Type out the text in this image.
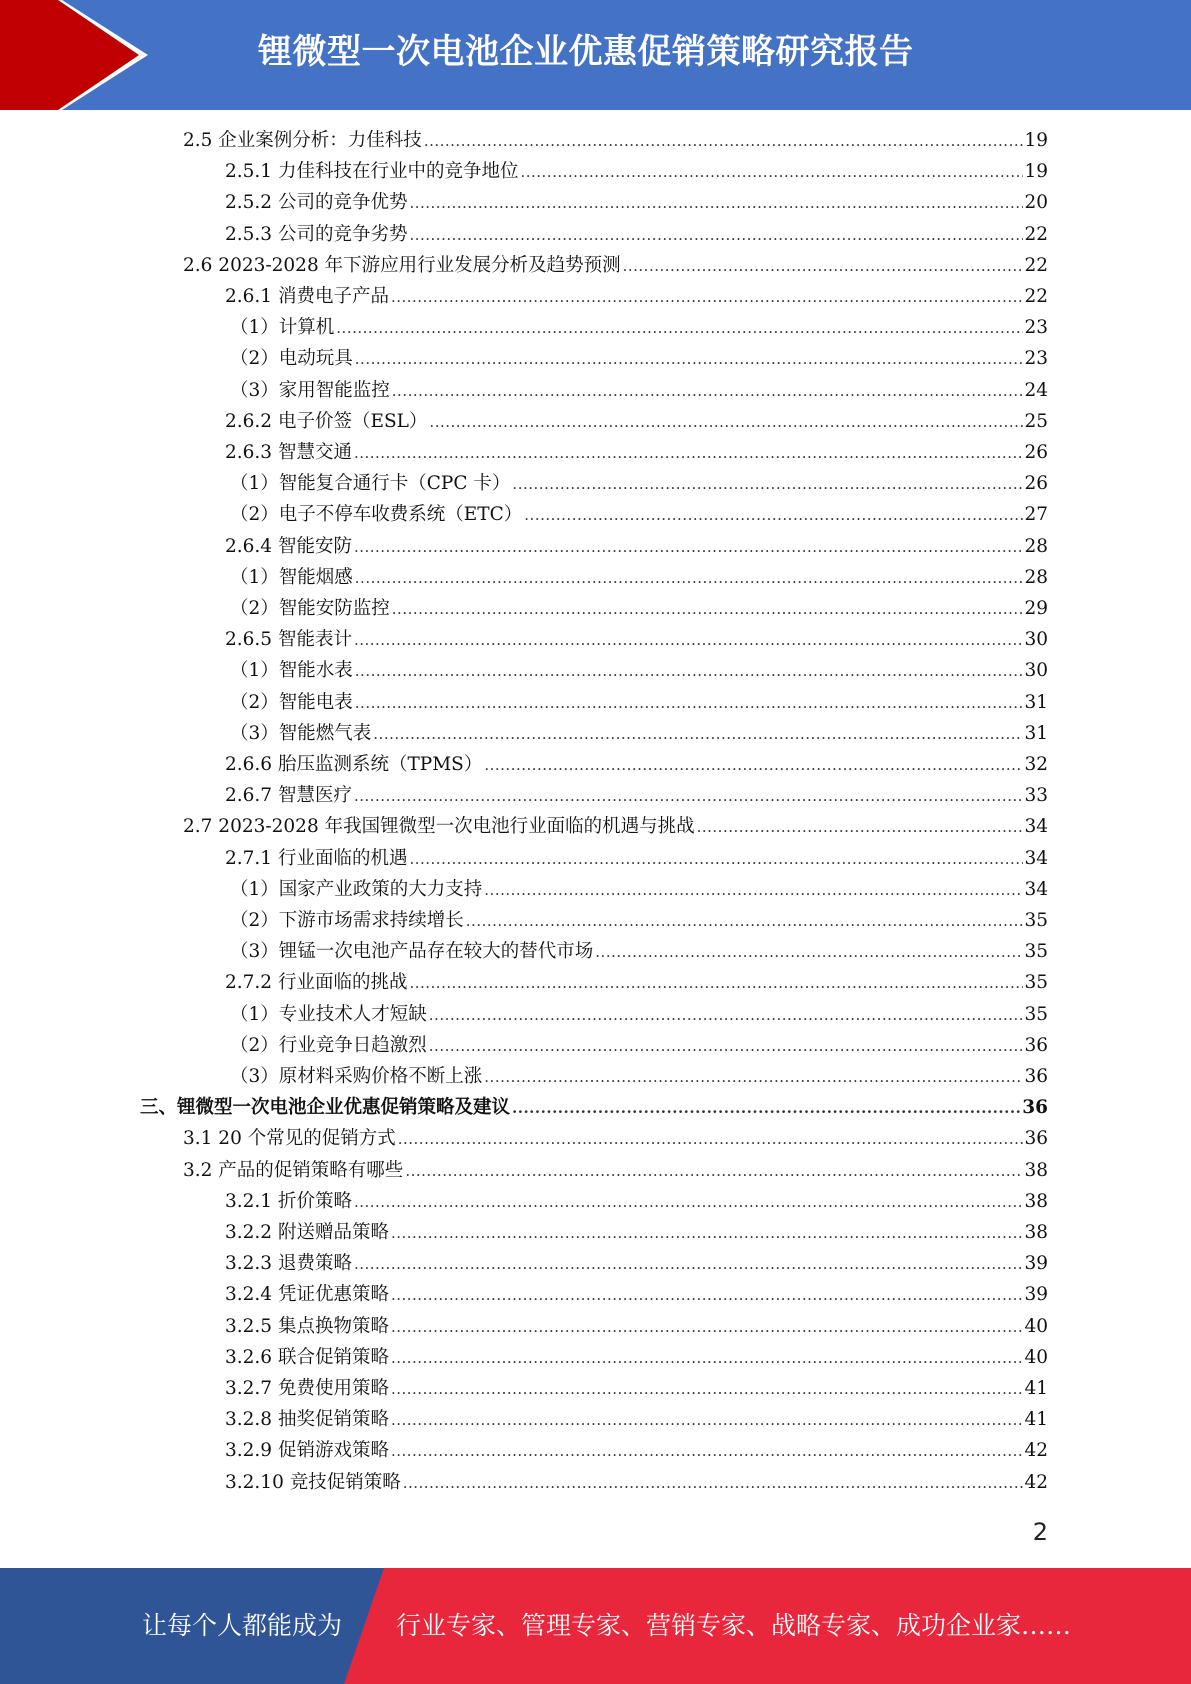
锂微型一次电池企业优惠促销策略研究报告
2.5 企业案例分析：力佳科技 .....	19
2.5.1 力佳科技在行业中的竞争地位 .....	19
2.5.2 公司的竞争优势 .....	20
2.5.3 公司的竞争劣势 .....	22
2.6 2023-2028 年下游应用行业发展分析及趋势预测 .....	22
2.6.1 消费电子产品 .....	22
（1）计算机 .....	23
（2）电动玩具 .....	23
（3）家用智能监控 .....	24
2.6.2 电子价签（ESL） .....	25
2.6.3 智慧交通 .....	26
（1）智能复合通行卡（CPC 卡） .....	26
（2）电子不停车收费系统（ETC） .....	27
2.6.4 智能安防 .....	28
（1）智能烟感 .....	28
（2）智能安防监控 .....	29
2.6.5 智能表计 .....	30
（1）智能水表 .....	30
（2）智能电表 .....	31
（3）智能燃气表 .....	31
2.6.6 胎压监测系统（TPMS） .....	32
2.6.7 智慧医疗 .....	33
2.7 2023-2028 年我国锂微型一次电池行业面临的机遇与挑战 .....	34
2.7.1 行业面临的机遇 .....	34
（1）国家产业政策的大力支持 .....	34
（2）下游市场需求持续增长 .....	35
（3）锂锰一次电池产品存在较大的替代市场 .....	35
2.7.2 行业面临的挑战 .....	35
（1）专业技术人才短缺 .....	35
（2）行业竞争日趋激烈 .....	36
（3）原材料采购价格不断上涨 .....	36
三、锂微型一次电池企业优惠促销策略及建议 .....	36
3.1 20 个常见的促销方式 .....	36
3.2 产品的促销策略有哪些 .....	38
3.2.1 折价策略 .....	38
3.2.2 附送赠品策略 .....	38
3.2.3 退费策略 .....	39
3.2.4 凭证优惠策略 .....	39
3.2.5 集点换物策略 .....	40
3.2.6 联合促销策略 .....	40
3.2.7 免费使用策略 .....	41
3.2.8 抽奖促销策略 .....	41
3.2.9 促销游戏策略 .....	42
3.2.10 竞技促销策略 .....	42
2
让每个人都能成为 行业专家、管理专家、营销专家、战略专家、成功企业家……
